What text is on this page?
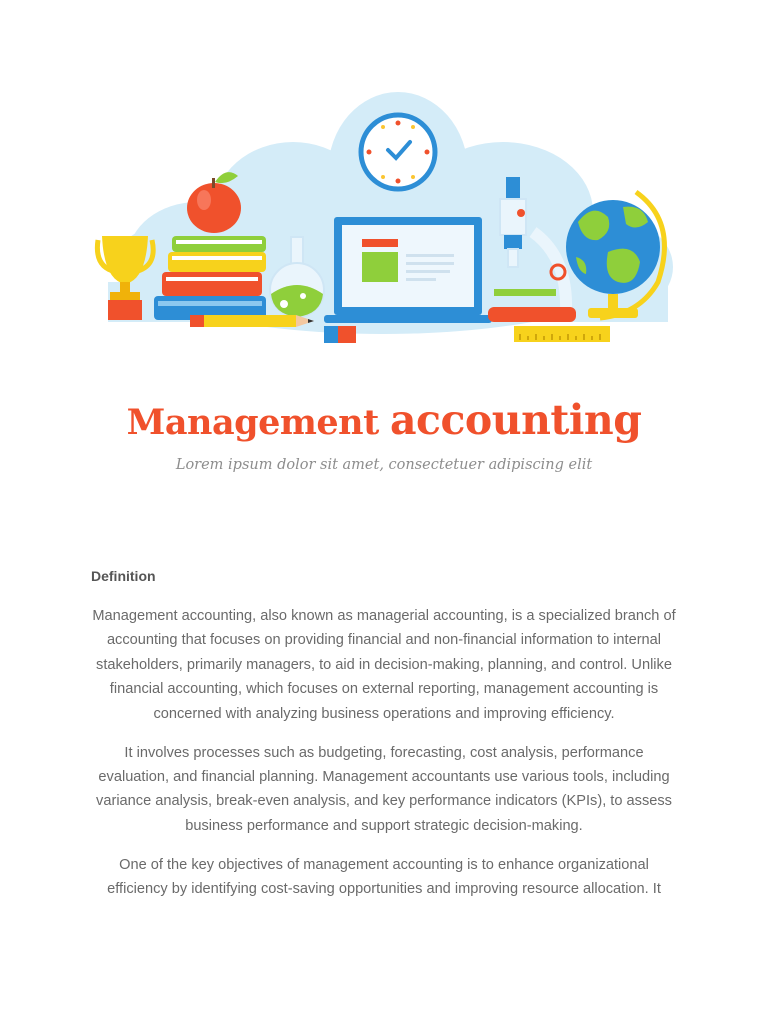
Management accounting
Lorem ipsum dolor sit amet, consectetuer adipiscing elit
Definition

Management accounting, also known as managerial accounting, is a specialized branch of accounting that focuses on providing financial and non-financial information to internal stakeholders, primarily managers, to aid in decision-making, planning, and control. Unlike financial accounting, which focuses on external reporting, management accounting is concerned with analyzing business operations and improving efficiency.

It involves processes such as budgeting, forecasting, cost analysis, performance evaluation, and financial planning. Management accountants use various tools, including variance analysis, break-even analysis, and key performance indicators (KPIs), to assess business performance and support strategic decision-making.

One of the key objectives of management accounting is to enhance organizational efficiency by identifying cost-saving opportunities and improving resource allocation. It
